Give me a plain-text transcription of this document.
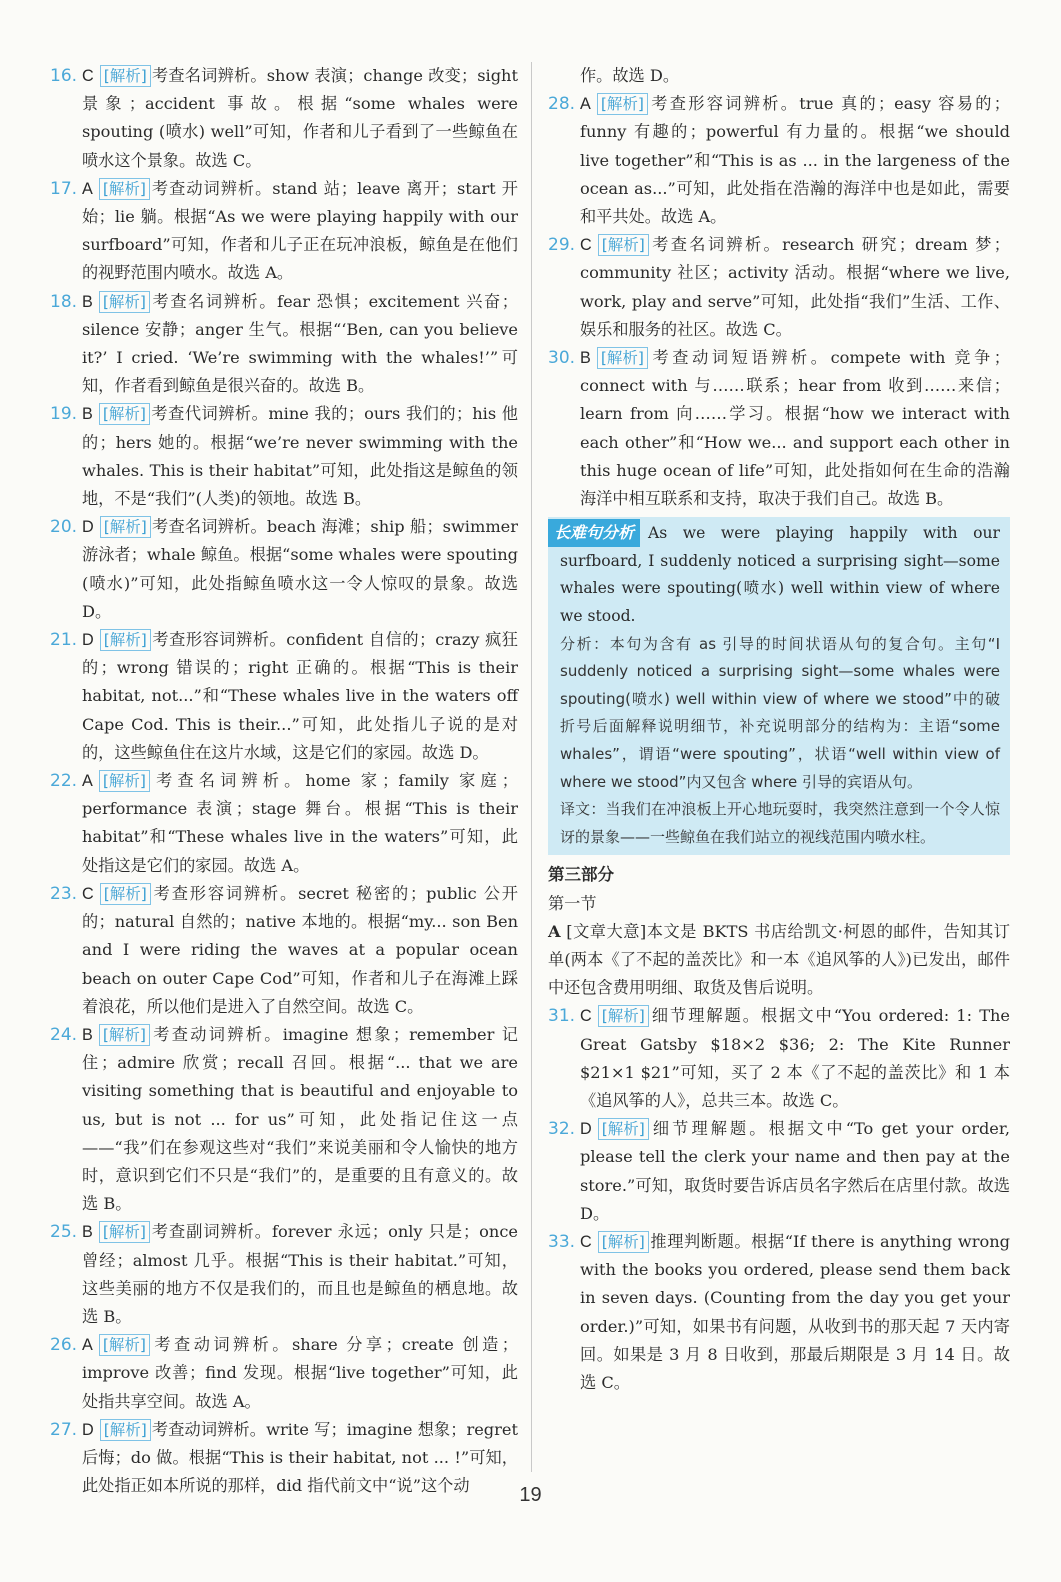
16. C [解析] 考查名词辨析。show 表演；change 改变；sight 景象；accident 事故。根据“some whales were spouting (喷水) well”可知，作者和儿子看到了一些鲸鱼在喷水这个景象。故选 C。
17. A [解析] 考查动词辨析。stand 站；leave 离开；start 开始；lie 躺。根据“As we were playing happily with our surfboard”可知，作者和儿子正在玩冲浪板，鲸鱼是在他们的视野范围内喷水。故选 A。
18. B [解析] 考查名词辨析。fear 恐惧；excitement 兴奋；silence 安静；anger 生气。根据“‘Ben, can you believe it?’ I cried. ‘We’re swimming with the whales!’”可知，作者看到鲸鱼是很兴奋的。故选 B。
19. B [解析] 考查代词辨析。mine 我的；ours 我们的；his 他的；hers 她的。根据“we’re never swimming with the whales. This is their habitat”可知，此处指这是鲸鱼的领地，不是“我们”(人类)的领地。故选 B。
20. D [解析] 考查名词辨析。beach 海滩；ship 船；swimmer 游泳者；whale 鲸鱼。根据“some whales were spouting (喷水)”可知，此处指鲸鱼喷水这一令人惊叹的景象。故选 D。
21. D [解析] 考查形容词辨析。confident 自信的；crazy 疯狂的；wrong 错误的；right 正确的。根据“This is their habitat, not...”和“These whales live in the waters off Cape Cod. This is their...”可知，此处指儿子说的是对的，这些鲸鱼住在这片水域，这是它们的家园。故选 D。
22. A [解析] 考查名词辨析。home 家；family 家庭；performance 表演；stage 舞台。根据“This is their habitat”和“These whales live in the waters”可知，此处指这是它们的家园。故选 A。
23. C [解析] 考查形容词辨析。secret 秘密的；public 公开的；natural 自然的；native 本地的。根据“my... son Ben and I were riding the waves at a popular ocean beach on outer Cape Cod”可知，作者和儿子在海滩上踩着浪花，所以他们是进入了自然空间。故选 C。
24. B [解析] 考查动词辨析。imagine 想象；remember 记住；admire 欣赏；recall 召回。根据“... that we are visiting something that is beautiful and enjoyable to us, but is not ... for us”可知，此处指记住这一点——“我”们在参观这些对“我们”来说美丽和令人愉快的地方时，意识到它们不只是“我们”的，是重要的且有意义的。故选 B。
25. B [解析] 考查副词辨析。forever 永远；only 只是；once 曾经；almost 几乎。根据“This is their habitat.”可知，这些美丽的地方不仅是我们的，而且也是鲸鱼的栖息地。故选 B。
26. A [解析] 考查动词辨析。share 分享；create 创造；improve 改善；find 发现。根据“live together”可知，此处指共享空间。故选 A。
27. D [解析] 考查动词辨析。write 写；imagine 想象；regret 后悔；do 做。根据“This is their habitat, not ... !”可知，此处指正如本所说的那样，did 指代前文中“说”这个动
作。故选 D。
28. A [解析] 考查形容词辨析。true 真的；easy 容易的；funny 有趣的；powerful 有力量的。根据“we should live together”和“This is as ... in the largeness of the ocean as...”可知，此处指在浩瀚的海洋中也是如此，需要和平共处。故选 A。
29. C [解析] 考查名词辨析。research 研究；dream 梦；community 社区；activity 活动。根据“where we live, work, play and serve”可知，此处指“我们”生活、工作、娱乐和服务的社区。故选 C。
30. B [解析] 考查动词短语辨析。compete with 竞争；connect with 与……联系；hear from 收到……来信；learn from 向……学习。根据“how we interact with each other”和“How we... and support each other in this huge ocean of life”可知，此处指如何在生命的浩瀚海洋中相互联系和支持，取决于我们自己。故选 B。
长难句分析 As we were playing happily with our surfboard, I suddenly noticed a surprising sight—some whales were spouting(喷水) well within view of where we stood.
分析：本句为含有 as 引导的时间状语从句的复合句。主句“I suddenly noticed a surprising sight—some whales were spouting(喷水) well within view of where we stood”中的破折号后面解释说明细节，补充说明部分的结构为：主语“some whales”，谓语“were spouting”，状语“well within view of where we stood”内又包含 where 引导的宾语从句。
译文：当我们在冲浪板上开心地玩耍时，我突然注意到一个令人惊讶的景象——一些鲸鱼在我们站立的视线范围内喷水柱。
第三部分
第一节
A [文章大意]本文是 BKTS 书店给凯文·柯恩的邮件，告知其订单(两本《了不起的盖茨比》和一本《追风筝的人》)已发出，邮件中还包含费用明细、取货及售后说明。
31. C [解析] 细节理解题。根据文中“You ordered: 1: The Great Gatsby $18×2 $36; 2: The Kite Runner $21×1 $21”可知，买了 2 本《了不起的盖茨比》和 1 本《追风筝的人》，总共三本。故选 C。
32. D [解析] 细节理解题。根据文中“To get your order, please tell the clerk your name and then pay at the store.”可知，取货时要告诉店员名字然后在店里付款。故选 D。
33. C [解析] 推理判断题。根据“If there is anything wrong with the books you ordered, please send them back in seven days. (Counting from the day you get your order.)”可知，如果书有问题，从收到书的那天起 7 天内寄回。如果是 3 月 8 日收到，那最后期限是 3 月 14 日。故选 C。
19
